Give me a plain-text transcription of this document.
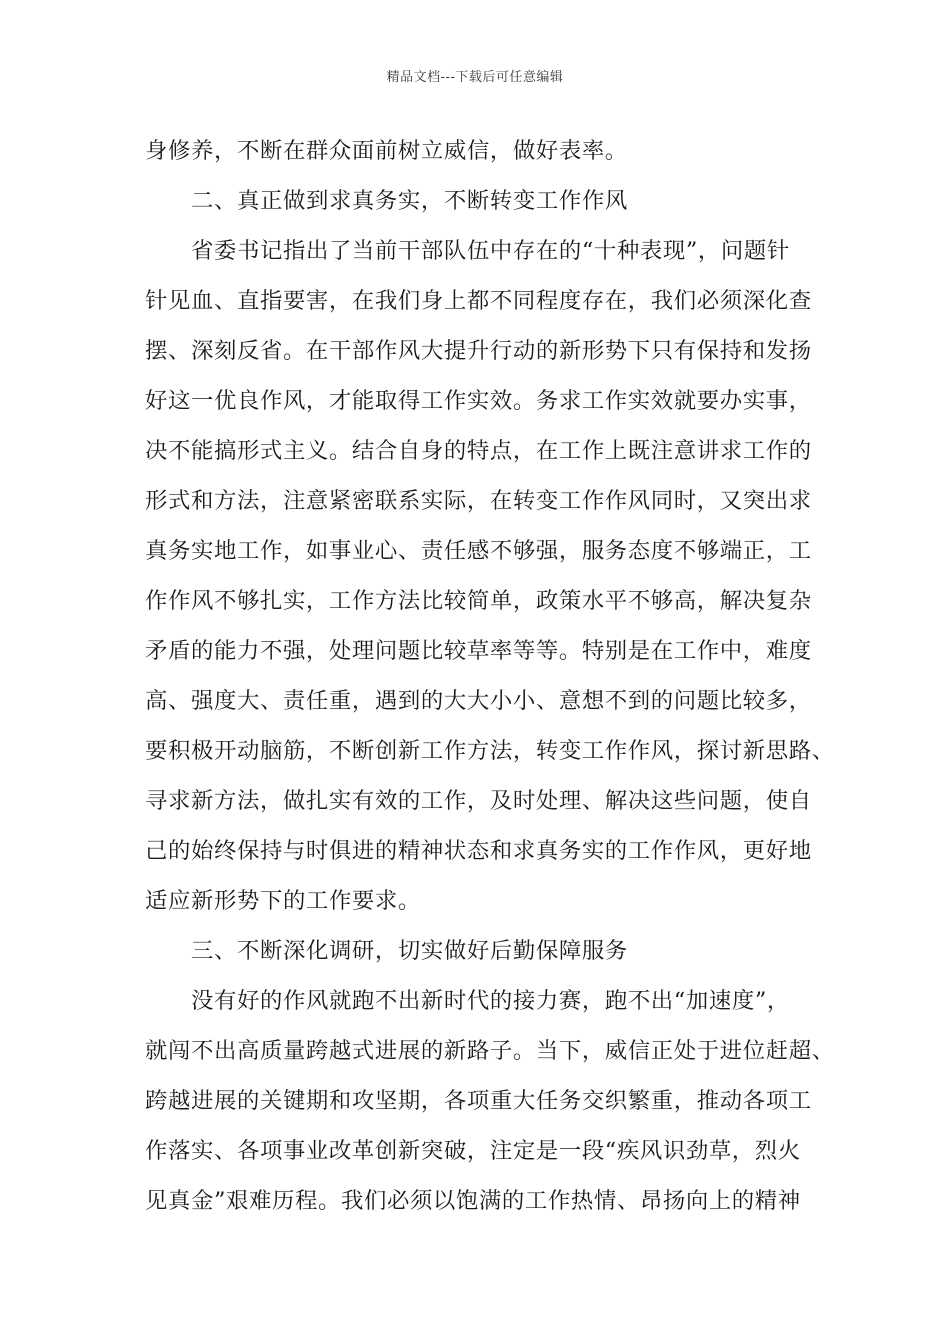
精品文档---下载后可任意编辑
身修养，不断在群众面前树立威信，做好表率。
二、真正做到求真务实，不断转变工作作风
省委书记指出了当前干部队伍中存在的“十种表现”，问题针
针见血、直指要害，在我们身上都不同程度存在，我们必须深化查
摆、深刻反省。在干部作风大提升行动的新形势下只有保持和发扬
好这一优良作风，才能取得工作实效。务求工作实效就要办实事，
决不能搞形式主义。结合自身的特点，在工作上既注意讲求工作的
形式和方法，注意紧密联系实际，在转变工作作风同时，又突出求
真务实地工作，如事业心、责任感不够强，服务态度不够端正，工
作作风不够扎实，工作方法比较简单，政策水平不够高，解决复杂
矛盾的能力不强，处理问题比较草率等等。特别是在工作中，难度
高、强度大、责任重，遇到的大大小小、意想不到的问题比较多，
要积极开动脑筋，不断创新工作方法，转变工作作风，探讨新思路、
寻求新方法，做扎实有效的工作，及时处理、解决这些问题，使自
己的始终保持与时俱进的精神状态和求真务实的工作作风，更好地
适应新形势下的工作要求。
三、不断深化调研，切实做好后勤保障服务
没有好的作风就跑不出新时代的接力赛，跑不出“加速度”，
就闯不出高质量跨越式进展的新路子。当下，威信正处于进位赶超、
跨越进展的关键期和攻坚期，各项重大任务交织繁重，推动各项工
作落实、各项事业改革创新突破，注定是一段“疾风识劲草，烈火
见真金”艰难历程。我们必须以饱满的工作热情、昂扬向上的精神
